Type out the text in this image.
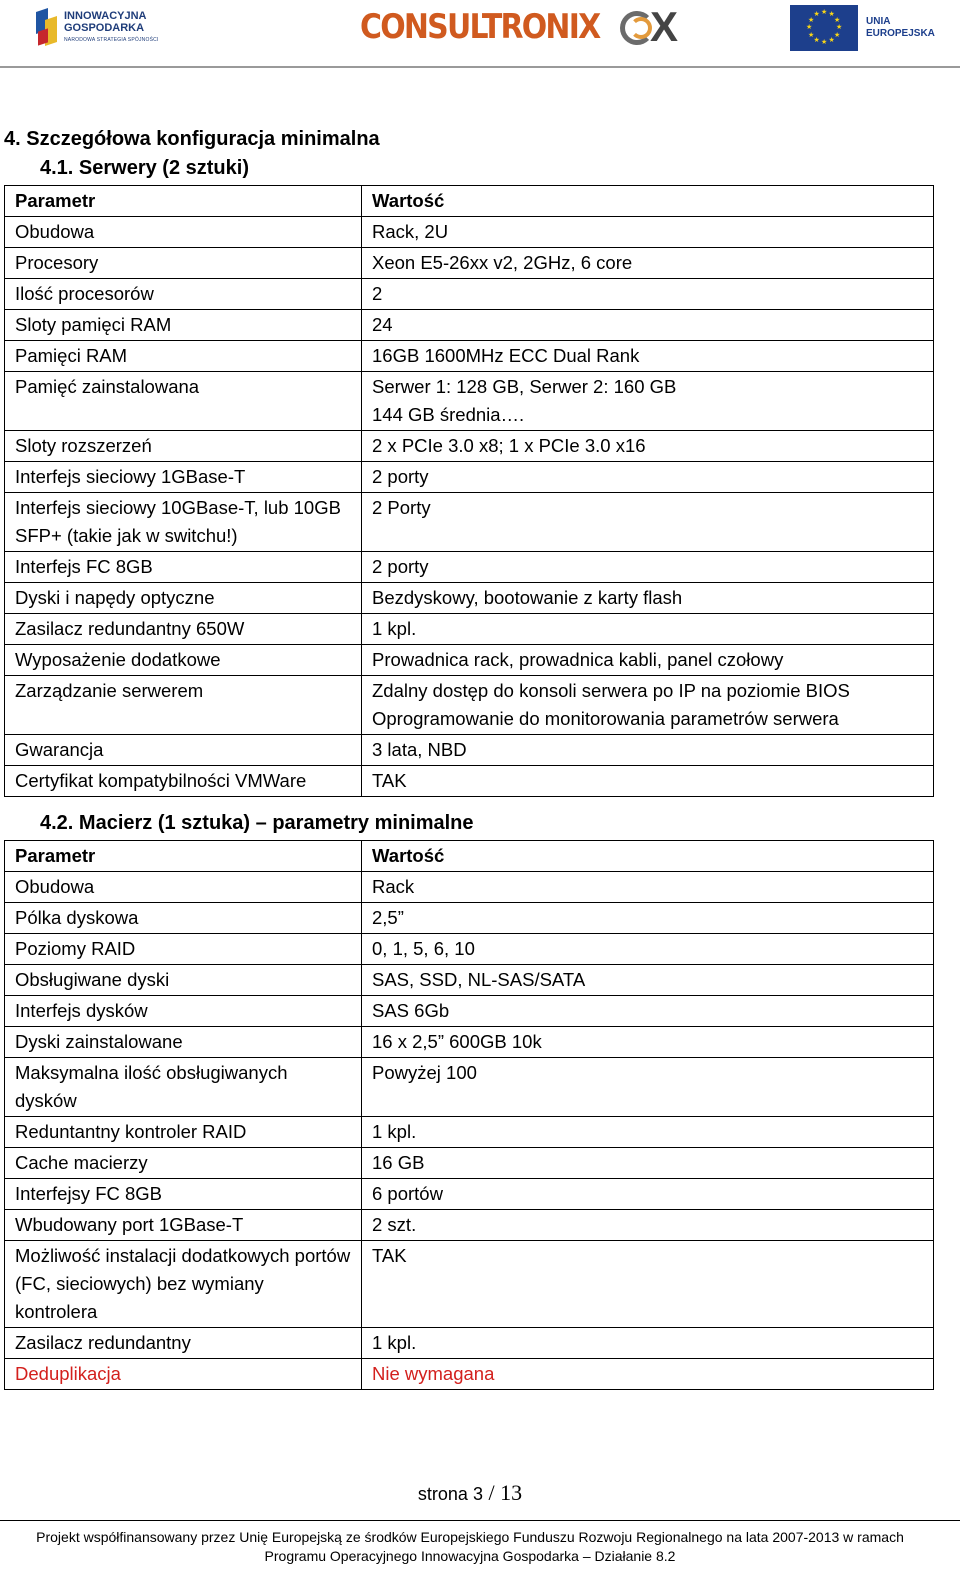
INNOWACYJNA
GOSPODARKA
NARODOWA STRATEGIA SPÓJNOŚCI	CONSULTRONIX X	★
★
★
★
★
★
★
★
★ ★ ★
★	UNIA
EUROPEJSKA
4. Szczegółowa konfiguracja minimalna
4.1. Serwery (2 sztuki)
Parametr	Wartość
Obudowa	Rack, 2U
Procesory	Xeon E5-26xx v2, 2GHz, 6 core
Ilość procesorów	2
Sloty pamięci RAM	24
Pamięci RAM	16GB 1600MHz ECC Dual Rank
Pamięć zainstalowana	Serwer 1: 128 GB, Serwer 2: 160 GB
144 GB średnia….
Sloty rozszerzeń	2 x PCIe 3.0 x8; 1 x PCIe 3.0 x16
Interfejs sieciowy 1GBase-T	2 porty
Interfejs sieciowy 10GBase-T, lub 10GB SFP+ (takie jak w switchu!)	2 Porty
Interfejs FC 8GB	2 porty
Dyski i napędy optyczne	Bezdyskowy, bootowanie z karty flash
Zasilacz redundantny 650W	1 kpl.
Wyposażenie dodatkowe	Prowadnica rack, prowadnica kabli, panel czołowy
Zarządzanie serwerem	Zdalny dostęp do konsoli serwera po IP na poziomie BIOS
Oprogramowanie do monitorowania parametrów serwera
Gwarancja	3 lata, NBD
Certyfikat kompatybilności VMWare	TAK
4.2. Macierz (1 sztuka) – parametry minimalne
Parametr	Wartość
Obudowa	Rack
Pólka dyskowa	2,5”
Poziomy RAID	0, 1, 5, 6, 10
Obsługiwane dyski	SAS, SSD, NL-SAS/SATA
Interfejs dysków	SAS 6Gb
Dyski zainstalowane	16 x 2,5” 600GB 10k
Maksymalna ilość obsługiwanych dysków	Powyżej 100
Reduntantny kontroler RAID	1 kpl.
Cache macierzy	16 GB
Interfejsy FC 8GB	6 portów
Wbudowany port 1GBase-T	2 szt.
Możliwość instalacji dodatkowych portów (FC, sieciowych) bez wymiany kontrolera	TAK
Zasilacz redundantny	1 kpl.
Deduplikacja	Nie wymagana
strona 3 / 13
Projekt współfinansowany przez Unię Europejską ze środków Europejskiego Funduszu Rozwoju Regionalnego na lata 2007-2013 w ramach
Programu Operacyjnego Innowacyjna Gospodarka – Działanie 8.2
